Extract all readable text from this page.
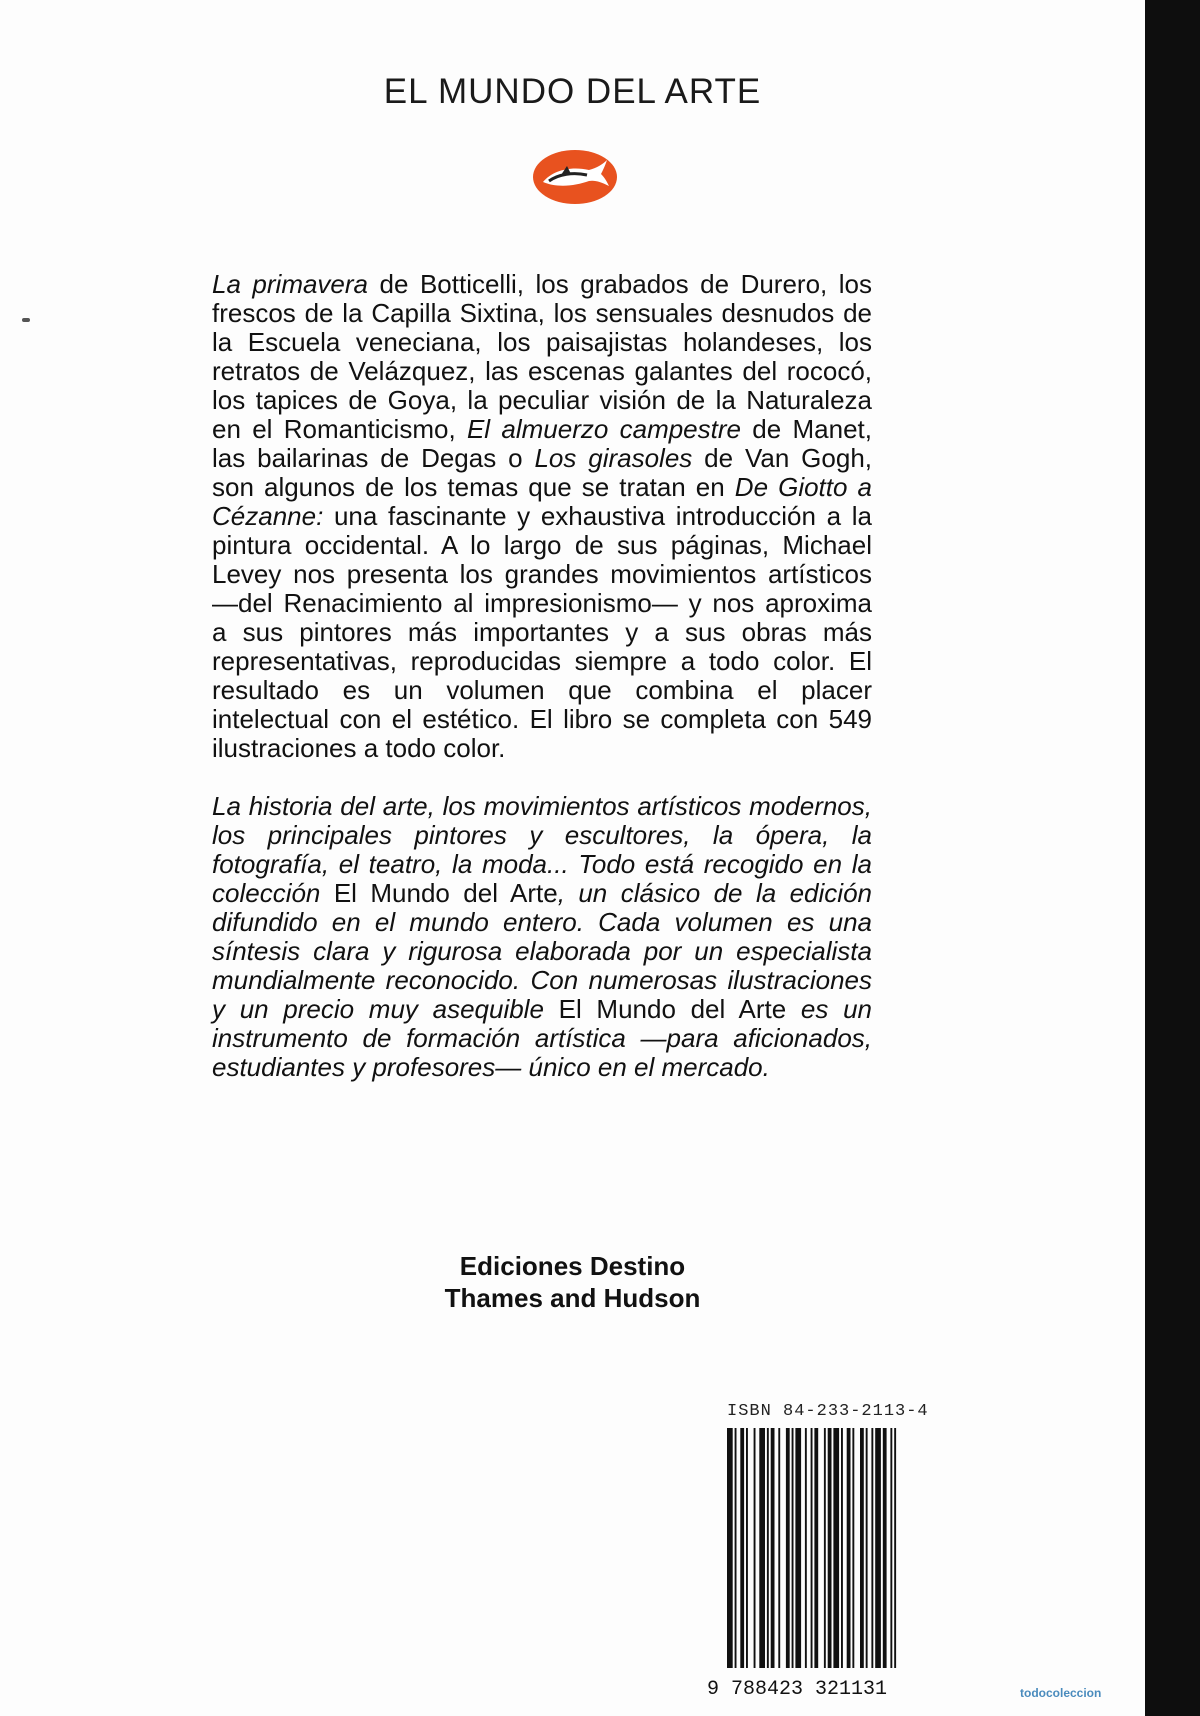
EL MUNDO DEL ARTE

La primavera de Botticelli, los grabados de Durero, los frescos de la Capilla Sixtina, los sensuales desnudos de la Escuela veneciana, los paisajistas holandeses, los retratos de Velázquez, las escenas galantes del rococó, los tapices de Goya, la peculiar visión de la Naturaleza en el Romanticismo, El almuerzo campestre de Manet, las bailarinas de Degas o Los girasoles de Van Gogh, son algunos de los temas que se tratan en De Giotto a Cézanne: una fascinante y exhaustiva introducción a la pintura occidental. A lo largo de sus páginas, Michael Levey nos presenta los grandes movimientos artísticos —del Renacimiento al impresionismo— y nos aproxima a sus pintores más importantes y a sus obras más representativas, reproducidas siempre a todo color. El resultado es un volumen que combina el placer intelectual con el estético. El libro se completa con 549 ilustraciones a todo color.

La historia del arte, los movimientos artísticos modernos, los principales pintores y escultores, la ópera, la fotografía, el teatro, la moda... Todo está recogido en la colección El Mundo del Arte, un clásico de la edición difundido en el mundo entero. Cada volumen es una síntesis clara y rigurosa elaborada por un especialista mundialmente reconocido. Con numerosas ilustraciones y un precio muy asequible El Mundo del Arte es un instrumento de formación artística —para aficionados, estudiantes y profesores— único en el mercado.

Ediciones Destino
Thames and Hudson
ISBN 84-233-2113-4
9 788423 321131	todocoleccion
